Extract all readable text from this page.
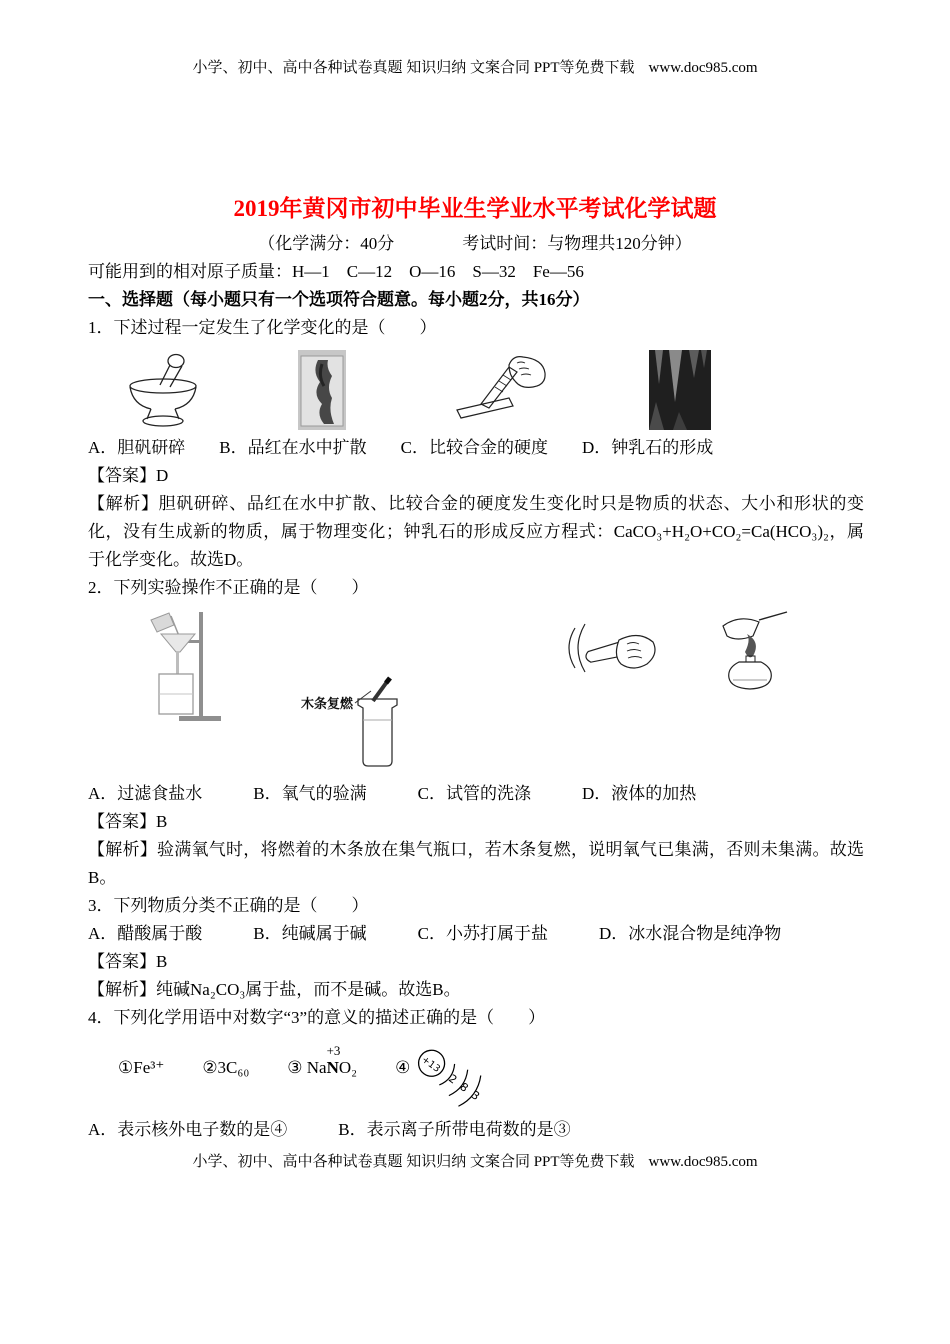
小学、初中、高中各种试卷真题 知识归纳 文案合同 PPT等免费下载 www.doc985.com
2019年黄冈市初中毕业生学业水平考试化学试题
（化学满分：40分　　　　考试时间：与物理共120分钟）

可能用到的相对原子质量：H—1　C—12　O—16　S—32　Fe—56

一、选择题（每小题只有一个选项符合题意。每小题2分，共16分）

1．下述过程一定发生了化学变化的是（　　）

A．胆矾研碎　　B．品红在水中扩散　　C．比较合金的硬度　　D．钟乳石的形成

【答案】D

【解析】胆矾研碎、品红在水中扩散、比较合金的硬度发生变化时只是物质的状态、大小和形状的变化，没有生成新的物质，属于物理变化；钟乳石的形成反应方程式：CaCO₃+H₂O+CO₂=Ca(HCO₃)₂，属于化学变化。故选D。

2．下列实验操作不正确的是（　　）

木条复燃

A．过滤食盐水　　　B．氧气的验满　　　C．试管的洗涤　　　D．液体的加热

【答案】B

【解析】验满氧气时，将燃着的木条放在集气瓶口，若木条复燃，说明氧气已集满，否则未集满。故选B。

3．下列物质分类不正确的是（　　）

A．醋酸属于酸　　　B．纯碱属于碱　　　C．小苏打属于盐　　　D．冰水混合物是纯净物

【答案】B

【解析】纯碱Na₂CO₃属于盐，而不是碱。故选B。

4．下列化学用语中对数字“3”的意义的描述正确的是（　　）

①Fe³⁺ ②3C₆₀ ③ Na
+3
NO₂ ④ +13
2
8
3

A．表示核外电子数的是④　　　B．表示离子所带电荷数的是③

小学、初中、高中各种试卷真题 知识归纳 文案合同 PPT等免费下载 www.doc985.com
